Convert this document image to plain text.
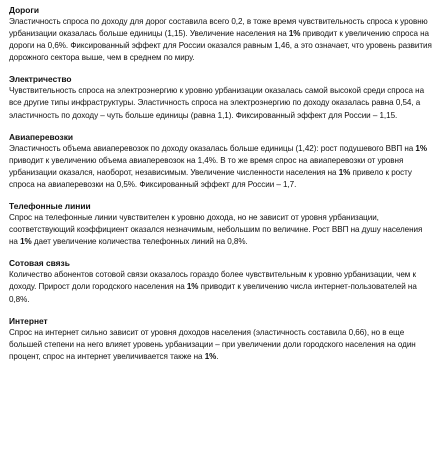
Дороги

Эластичность спроса по доходу для дорог составила всего 0,2, в тоже время чувствительность спроса к уровню урбанизации оказалась больше единицы (1,15). Увеличение населения на 1% приводит к увеличению спроса на дороги на 0,6%. Фиксированный эффект для России оказался равным 1,46, а это означает, что уровень развития дорожного сектора выше, чем в среднем по миру.

Электричество

Чувствительность спроса на электроэнергию к уровню урбанизации оказалась самой высокой среди спроса на все другие типы инфраструктуры. Эластичность спроса на электроэнергию по доходу оказалась равна 0,54, а эластичность по доходу – чуть больше единицы (равна 1,1). Фиксированный эффект для России – 1,15.

Авиаперевозки

Эластичность объема авиаперевозок по доходу оказалась больше единицы (1,42): рост подушевого ВВП на 1% приводит к увеличению объема авиаперевозок на 1,4%. В то же время спрос на авиаперевозки от уровня урбанизации оказался, наоборот, независимым. Увеличение численности населения на 1% привело к росту спроса на авиаперевозки на 0,5%. Фиксированный эффект для России – 1,7.

Телефонные линии

Спрос на телефонные линии чувствителен к уровню дохода, но не зависит от уровня урбанизации, соответствующий коэффициент оказался незначимым, небольшим по величине. Рост ВВП на душу населения на 1% дает увеличение количества телефонных линий на 0,8%.

Сотовая связь

Количество абонентов сотовой связи оказалось гораздо более чувствительным к уровню урбанизации, чем к доходу. Прирост доли городского населения на 1% приводит к увеличению числа интернет-пользователей на 0,8%.

Интернет

Спрос на интернет сильно зависит от уровня доходов населения (эластичность составила 0,66), но в еще большей степени на него влияет уровень урбанизации – при увеличении доли городского населения на один процент, спрос на интернет увеличивается также на 1%.
